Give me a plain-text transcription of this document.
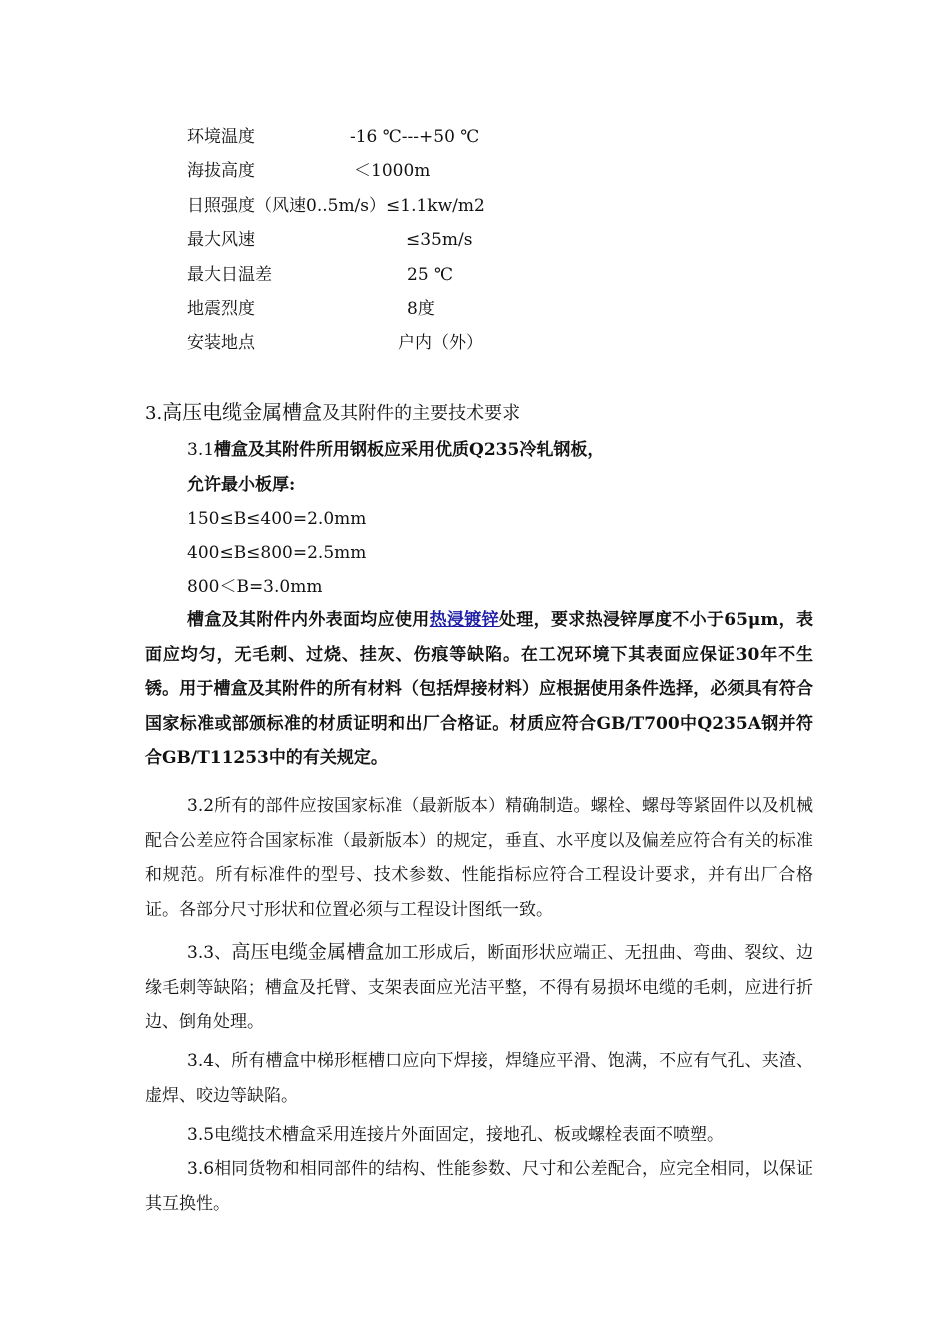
环境温度	-16 ℃---+50 ℃
海拔高度	＜1000m
日照强度（风速0..5m/s）≤1.1kw/m2
最大风速	≤35m/s
最大日温差	25 ℃
地震烈度	8度
安装地点	户内（外）
3.高压电缆金属槽盒及其附件的主要技术要求
3.1槽盒及其附件所用钢板应采用优质Q235冷轧钢板，
允许最小板厚:
150≤B≤400=2.0mm
400≤B≤800=2.5mm
800＜B=3.0mm
槽盒及其附件内外表面均应使用热浸镀锌处理，要求热浸锌厚度不小于65μm，表面应均匀，无毛刺、过烧、挂灰、伤痕等缺陷。在工况环境下其表面应保证30年不生锈。用于槽盒及其附件的所有材料（包括焊接材料）应根据使用条件选择，必须具有符合国家标准或部颁标准的材质证明和出厂合格证。材质应符合GB/T700中Q235A钢并符合GB/T11253中的有关规定。
3.2所有的部件应按国家标准（最新版本）精确制造。螺栓、螺母等紧固件以及机械配合公差应符合国家标准（最新版本）的规定，垂直、水平度以及偏差应符合有关的标准和规范。所有标准件的型号、技术参数、性能指标应符合工程设计要求，并有出厂合格证。各部分尺寸形状和位置必须与工程设计图纸一致。
3.3、高压电缆金属槽盒加工形成后，断面形状应端正、无扭曲、弯曲、裂纹、边缘毛刺等缺陷；槽盒及托臂、支架表面应光洁平整，不得有易损坏电缆的毛刺，应进行折边、倒角处理。
3.4、所有槽盒中梯形框槽口应向下焊接，焊缝应平滑、饱满，不应有气孔、夹渣、虚焊、咬边等缺陷。
3.5电缆技术槽盒采用连接片外面固定，接地孔、板或螺栓表面不喷塑。
3.6相同货物和相同部件的结构、性能参数、尺寸和公差配合，应完全相同，以保证其互换性。
